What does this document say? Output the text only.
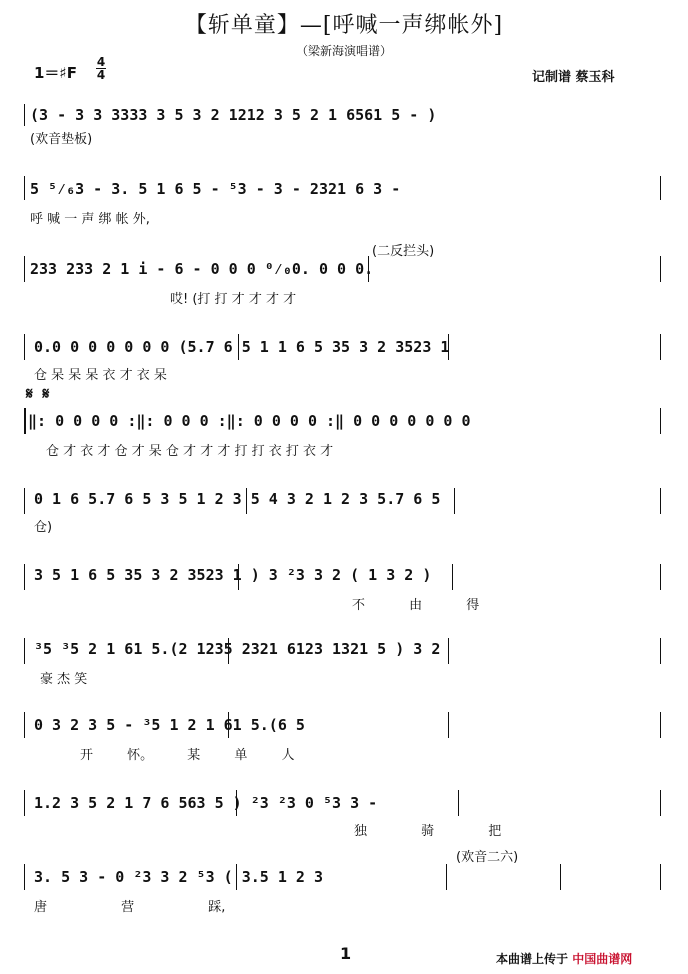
【斩单童】—[呼喊一声绑帐外]
（梁新海演唱谱）
1＝♯F
4
4	记制谱 蔡玉科
(3 - 3 3 3333 3 5 3 2 1212 3 5 2 1 6561 5 - )
(欢音垫板)
5 ⁵⁄₆3 - 3. 5 1 6 5 - ⁵3 - 3 - 2321 6 3 -
呼 喊 一 声 绑 帐 外,
(二反拦头)
233 233 2 1 i - 6 - 0 0 0 ⁰⁄₀0. 0 0 0.
哎! (打 打 才 才 才 才
0.0 0 0 0 0 0 0 (5.7 6 5 1 1 6 5 35 3 2 3523 1
仓 呆 呆 呆 衣 才 衣 呆
𝄋 𝄋
‖: 0 0 0 0 :‖: 0 0 0 :‖: 0 0 0 0 :‖ 0 0 0 0 0 0 0
仓 才 衣 才 仓 才 呆 仓 才 才 才 打 打 衣 打 衣 才
0 1 6 5.7 6 5 3 5 1 2 3 5 4 3 2 1 2 3 5.7 6 5
仓)
3 5 1 6 5 35 3 2 3523 1 ) 3 ²3 3 2 ( 1 3 2 )
不 由 得
³5 ³5 2 1 61 5.(2 1235 2321 6123 1321 5 ) 3 2
豪 杰 笑
0 3 2 3 5 - ³5 1 2 1 61 5.(6 5
开 怀。 某 单 人
1.2 3 5 2 1 7 6 563 5 ) ²3 ²3 0 ⁵3 3 -
独 骑 把
(欢音二六)
3. 5 3 - 0 ²3 3 2 ⁵3 ( 3.5 1 2 3
唐 营 踩,
1	本曲谱上传于 中国曲谱网
